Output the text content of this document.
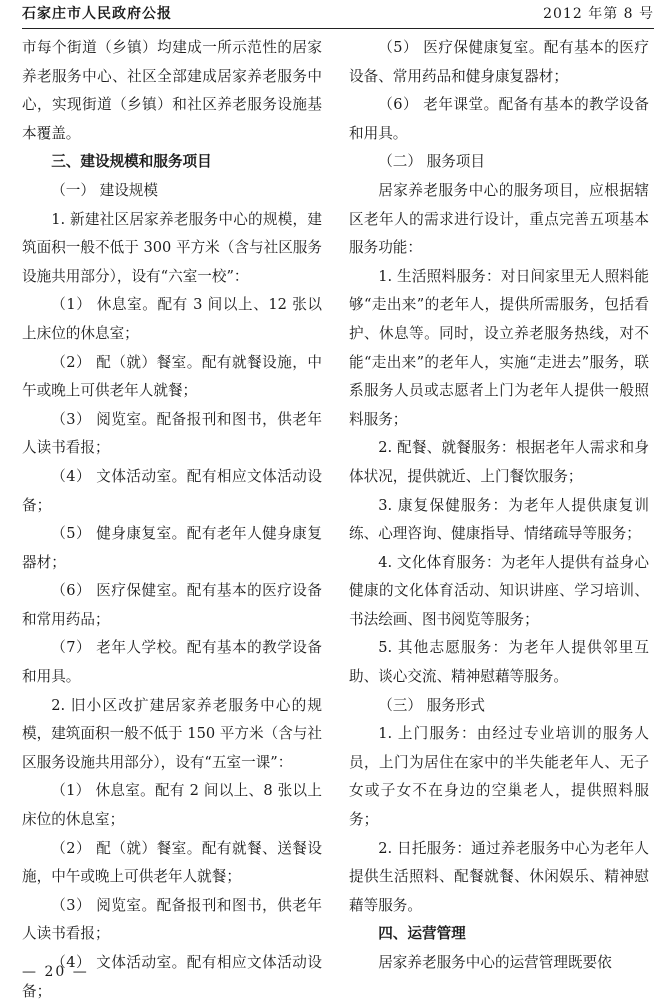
石家庄市人民政府公报	2012 年第 8 号

市每个街道（乡镇）均建成一所示范性的居家养老服务中心、社区全部建成居家养老服务中心，实现街道（乡镇）和社区养老服务设施基本覆盖。

三、建设规模和服务项目

（一） 建设规模

1. 新建社区居家养老服务中心的规模，建筑面积一般不低于 300 平方米（含与社区服务设施共用部分），设有“六室一校”：

（1） 休息室。配有 3 间以上、12 张以上床位的休息室；

（2） 配（就）餐室。配有就餐设施，中午或晚上可供老年人就餐；

（3） 阅览室。配备报刊和图书，供老年人读书看报；

（4） 文体活动室。配有相应文体活动设备；

（5） 健身康复室。配有老年人健身康复器材；

（6） 医疗保健室。配有基本的医疗设备和常用药品；

（7） 老年人学校。配有基本的教学设备和用具。

2. 旧小区改扩建居家养老服务中心的规模，建筑面积一般不低于 150 平方米（含与社区服务设施共用部分），设有“五室一课”：

（1） 休息室。配有 2 间以上、8 张以上床位的休息室；

（2） 配（就）餐室。配有就餐、送餐设施，中午或晚上可供老年人就餐；

（3） 阅览室。配备报刊和图书，供老年人读书看报；

（4） 文体活动室。配有相应文体活动设备；

（5） 医疗保健康复室。配有基本的医疗设备、常用药品和健身康复器材；

（6） 老年课堂。配备有基本的教学设备和用具。

（二） 服务项目

居家养老服务中心的服务项目，应根据辖区老年人的需求进行设计，重点完善五项基本服务功能：

1. 生活照料服务：对日间家里无人照料能够“走出来”的老年人，提供所需服务，包括看护、休息等。同时，设立养老服务热线，对不能“走出来”的老年人，实施“走进去”服务，联系服务人员或志愿者上门为老年人提供一般照料服务；

2. 配餐、就餐服务：根据老年人需求和身体状况，提供就近、上门餐饮服务；

3. 康复保健服务：为老年人提供康复训练、心理咨询、健康指导、情绪疏导等服务；

4. 文化体育服务：为老年人提供有益身心健康的文化体育活动、知识讲座、学习培训、书法绘画、图书阅览等服务；

5. 其他志愿服务：为老年人提供邻里互助、谈心交流、精神慰藉等服务。

（三） 服务形式

1. 上门服务：由经过专业培训的服务人员，上门为居住在家中的半失能老年人、无子女或子女不在身边的空巢老人，提供照料服务；

2. 日托服务：通过养老服务中心为老年人提供生活照料、配餐就餐、休闲娱乐、精神慰藉等服务。

四、运营管理

居家养老服务中心的运营管理既要依

— 20 —
